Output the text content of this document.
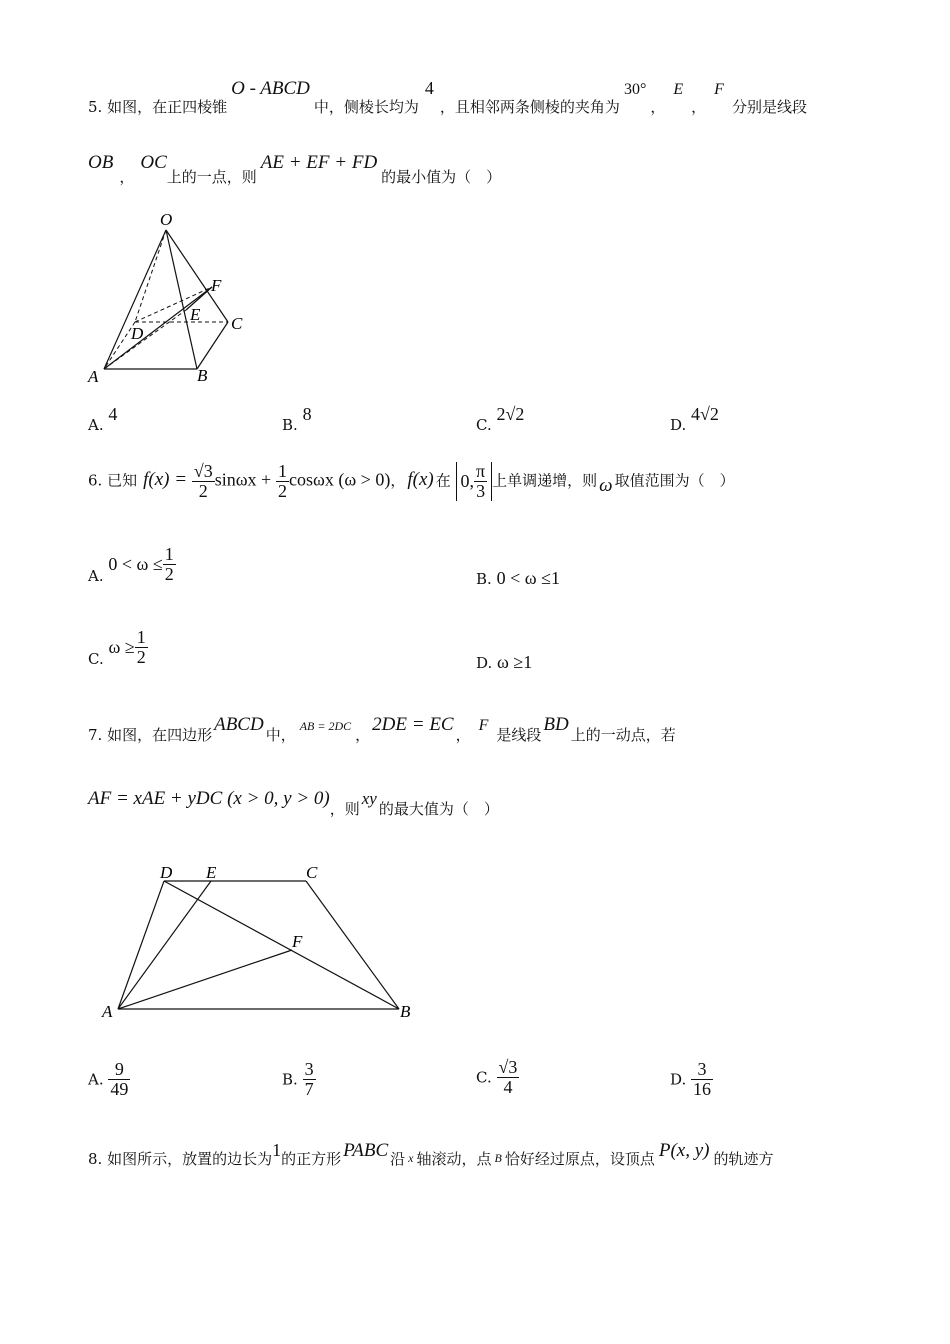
5. 如图，在正四棱锥O - ABCD中，侧棱长均为4，且相邻两条侧棱的夹角为30°，E，F分别是线段
OB，OC上的一点，则AE + EF + FD的最小值为（　）
O
A	B
C
D
E
F
A. 4
B. 8
C. 2√2
D. 4√2
6. 已知 $f(x) = \frac{√3}{2}$ $\sin\omega x + \frac{1}{2}$ cosωx (ω > 0)， f(x) 在 0, $\frac{\pi}{3}$ 上单调递增，则 ω 取值范围为（　）
A. $0 < \omega \le \frac{1}{2}$	B. 0 < ω ≤1
C. $\omega \ge \frac{1}{2}$	D. ω ≥1
7. 如图，在四边形 ABCD 中， AB = 2DC ， 2DE = EC ，F是线段 BD 上的一动点，若
AF = xAE + yDC (x > 0, y > 0)，则xy的最大值为（　）
D E	C
F
A	B
A. $\frac{9}{49}$	B. $\frac{3}{7}$	C. $\frac{√3}{4}$	D. $\frac{3}{16}$
8. 如图所示，放置的边长为1的正方形 PABC 沿 $_x$ 轴滚动，点 $_B$ 恰好经过原点，设顶点 P(x, y) 的轨迹方
